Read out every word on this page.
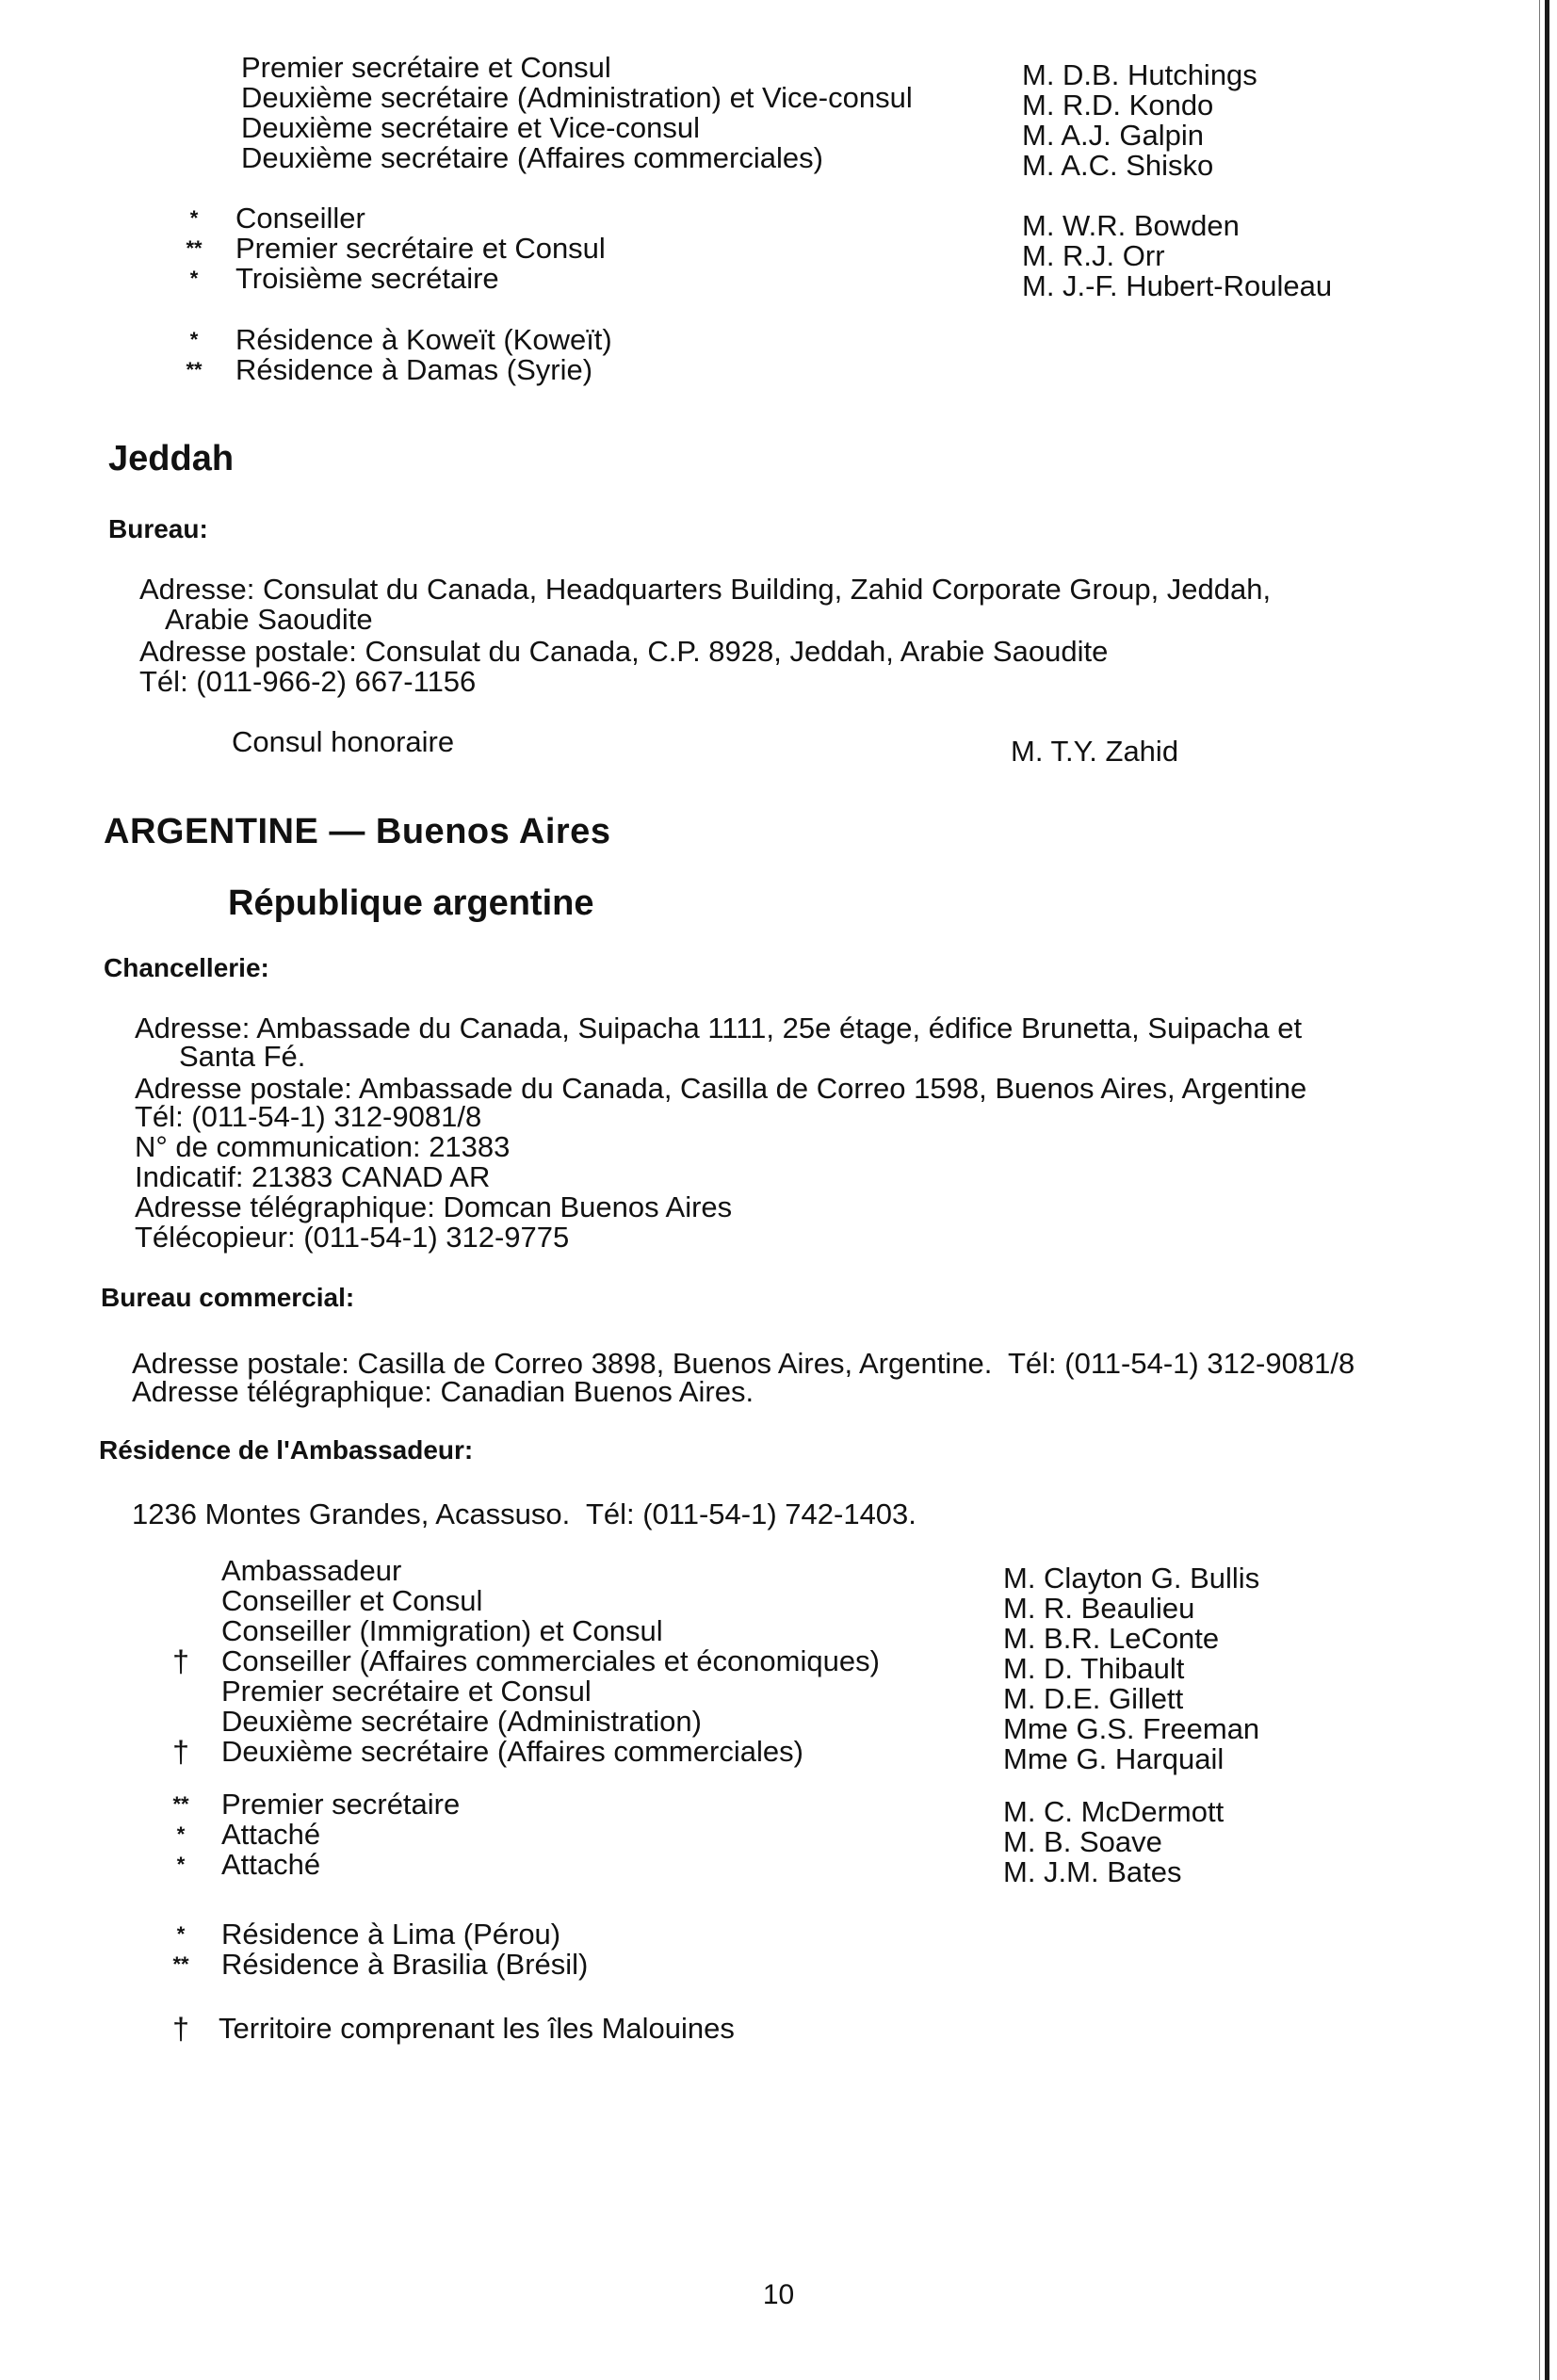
Premier secrétaire et Consul	M. D.B. Hutchings
Deuxième secrétaire (Administration) et Vice-consul	M. R.D. Kondo
Deuxième secrétaire et Vice-consul	M. A.J. Galpin
Deuxième secrétaire (Affaires commerciales)	M. A.C. Shisko
*	Conseiller	M. W.R. Bowden
**	Premier secrétaire et Consul	M. R.J. Orr
*	Troisième secrétaire	M. J.-F. Hubert-Rouleau
*	Résidence à Koweït (Koweït)
**	Résidence à Damas (Syrie)
Jeddah
Bureau:
Adresse: Consulat du Canada, Headquarters Building, Zahid Corporate Group, Jeddah,
Arabie Saoudite
Adresse postale: Consulat du Canada, C.P. 8928, Jeddah, Arabie Saoudite
Tél: (011-966-2) 667-1156
Consul honoraire	M. T.Y. Zahid
ARGENTINE — Buenos Aires
République argentine
Chancellerie:
Adresse: Ambassade du Canada, Suipacha 1111, 25e étage, édifice Brunetta, Suipacha et
Santa Fé.
Adresse postale: Ambassade du Canada, Casilla de Correo 1598, Buenos Aires, Argentine
Tél: (011-54-1) 312-9081/8
N° de communication: 21383
Indicatif: 21383 CANAD AR
Adresse télégraphique: Domcan Buenos Aires
Télécopieur: (011-54-1) 312-9775
Bureau commercial:
Adresse postale: Casilla de Correo 3898, Buenos Aires, Argentine.  Tél: (011-54-1) 312-9081/8
Adresse télégraphique: Canadian Buenos Aires.
Résidence de l'Ambassadeur:
1236 Montes Grandes, Acassuso.  Tél: (011-54-1) 742-1403.
Ambassadeur	M. Clayton G. Bullis
Conseiller et Consul	M. R. Beaulieu
Conseiller (Immigration) et Consul	M. B.R. LeConte
†	Conseiller (Affaires commerciales et économiques)	M. D. Thibault
Premier secrétaire et Consul	M. D.E. Gillett
Deuxième secrétaire (Administration)	Mme G.S. Freeman
†	Deuxième secrétaire (Affaires commerciales)	Mme G. Harquail
**	Premier secrétaire	M. C. McDermott
*	Attaché	M. B. Soave
*	Attaché	M. J.M. Bates
*	Résidence à Lima (Pérou)
**	Résidence à Brasilia (Brésil)
†	Territoire comprenant les îles Malouines
10
